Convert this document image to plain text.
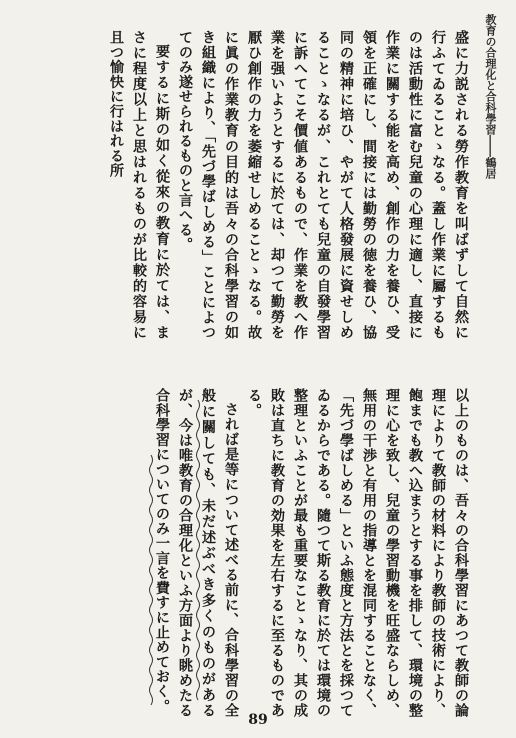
教育の合理化と合科學習――鶴居

盛に力説される勞作教育を叫ばずして自然に行ふてゐることゝなる。蓋し作業に屬するものは活動性に富む兒童の心理に適し、直接に作業に關する能を高め、創作の力を養ひ、受領を正確にし、間接には勤勞の徳を養ひ、協同の精神に培ひ、やがて人格發展に資せしめることゝなるが、これとても兒童の自發學習に訴へてこそ價値あるもので、作業を教へ作業を强いようとするに於ては、却つて勤勞を厭ひ創作の力を萎縮せしめることゝなる。故に眞の作業教育の目的は吾々の合科學習の如き組織により、「先づ學ばしめる」ことによつてのみ遂せられるものと言へる。

要するに斯の如く從來の教育に於ては、まさに程度以上と思はれるものが比較的容易に且つ愉快に行はれる所

以上のものは、吾々の合科學習にあつて教師の論理によりて教師の材料により教師の技術により、飽までも教へ込まうとする事を排して、環境の整理に心を致し、兒童の學習動機を旺盛ならしめ、無用の干渉と有用の指導とを混同することなく、「先づ學ばしめる」といふ態度と方法とを採つてゐるからである。隨つて斯る教育に於ては環境の整理といふことが最も重要なことゝなり、其の成敗は直ちに教育の効果を左右するに至るものである。

されば是等について述べる前に、合科學習の全般に關しても、未だ述ぶべき多くのものがあるが、今は唯教育の合理化といふ方面より眺めたる合科學習についてのみ一言を費すに止めておく。

89
